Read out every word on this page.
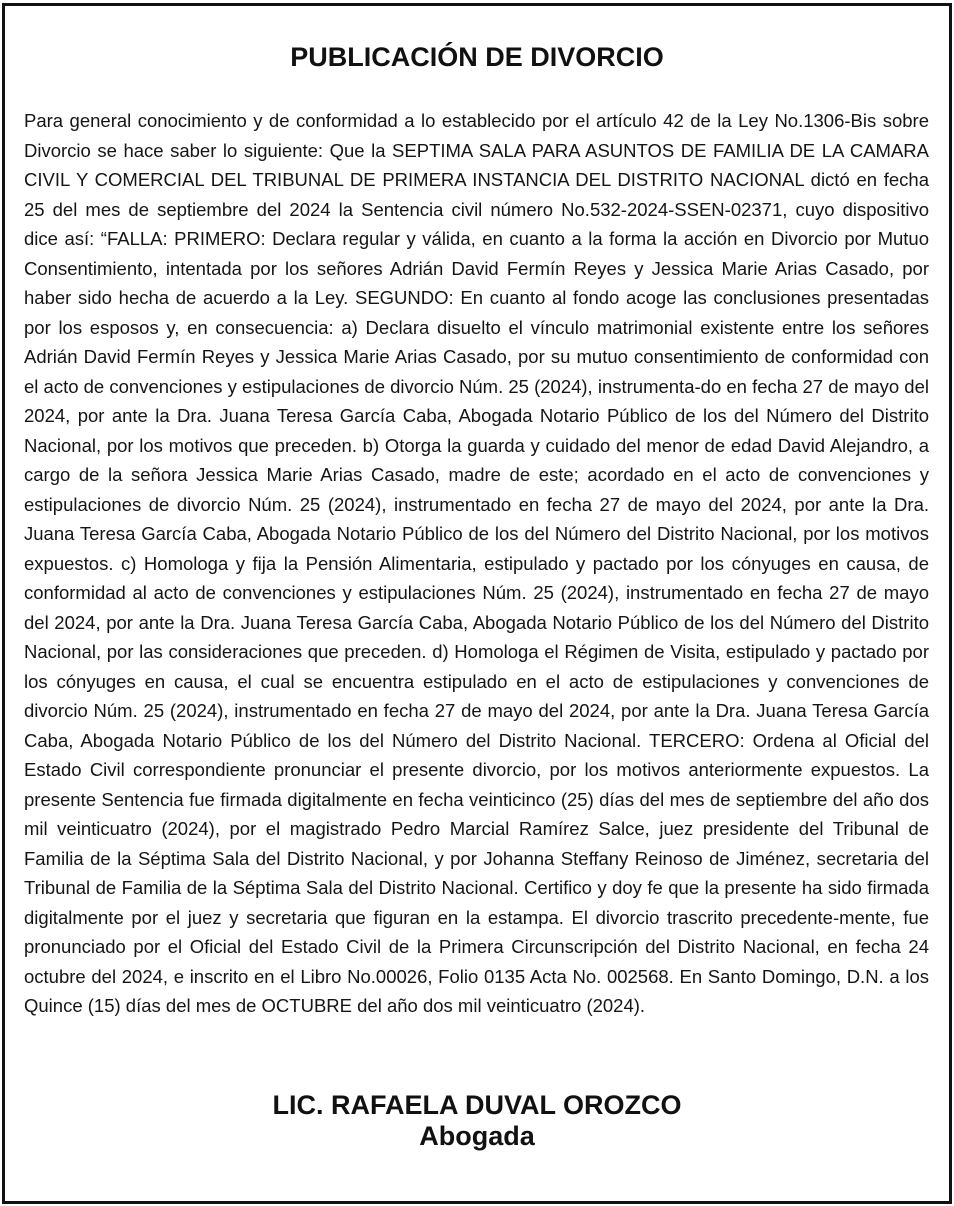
PUBLICACIÓN DE DIVORCIO
Para general conocimiento y de conformidad a lo establecido por el artículo 42 de la Ley No.1306-Bis sobre Divorcio se hace saber lo siguiente: Que la SEPTIMA SALA PARA ASUNTOS DE FAMILIA DE LA CAMARA CIVIL Y COMERCIAL DEL TRIBUNAL DE PRIMERA INSTANCIA DEL DISTRITO NACIONAL dictó en fecha 25 del mes de septiembre del 2024 la Sentencia civil número No.532-2024-SSEN-02371, cuyo dispositivo dice así: “FALLA: PRIMERO: Declara regular y válida, en cuanto a la forma la acción en Divorcio por Mutuo Consentimiento, intentada por los señores Adrián David Fermín Reyes y Jessica Marie Arias Casado, por haber sido hecha de acuerdo a la Ley. SEGUNDO: En cuanto al fondo acoge las conclusiones presentadas por los esposos y, en consecuencia: a) Declara disuelto el vínculo matrimonial existente entre los señores Adrián David Fermín Reyes y Jessica Marie Arias Casado, por su mutuo consentimiento de conformidad con el acto de convenciones y estipulaciones de divorcio Núm. 25 (2024), instrumenta-do en fecha 27 de mayo del 2024, por ante la Dra. Juana Teresa García Caba, Abogada Notario Público de los del Número del Distrito Nacional, por los motivos que preceden. b) Otorga la guarda y cuidado del menor de edad David Alejandro, a cargo de la señora Jessica Marie Arias Casado, madre de este; acordado en el acto de convenciones y estipulaciones de divorcio Núm. 25 (2024), instrumentado en fecha 27 de mayo del 2024, por ante la Dra. Juana Teresa García Caba, Abogada Notario Público de los del Número del Distrito Nacional, por los motivos expuestos. c) Homologa y fija la Pensión Alimentaria, estipulado y pactado por los cónyuges en causa, de conformidad al acto de convenciones y estipulaciones Núm. 25 (2024), instrumentado en fecha 27 de mayo del 2024, por ante la Dra. Juana Teresa García Caba, Abogada Notario Público de los del Número del Distrito Nacional, por las consideraciones que preceden. d) Homologa el Régimen de Visita, estipulado y pactado por los cónyuges en causa, el cual se encuentra estipulado en el acto de estipulaciones y convenciones de divorcio Núm. 25 (2024), instrumentado en fecha 27 de mayo del 2024, por ante la Dra. Juana Teresa García Caba, Abogada Notario Público de los del Número del Distrito Nacional. TERCERO: Ordena al Oficial del Estado Civil correspondiente pronunciar el presente divorcio, por los motivos anteriormente expuestos. La presente Sentencia fue firmada digitalmente en fecha veinticinco (25) días del mes de septiembre del año dos mil veinticuatro (2024), por el magistrado Pedro Marcial Ramírez Salce, juez presidente del Tribunal de Familia de la Séptima Sala del Distrito Nacional, y por Johanna Steffany Reinoso de Jiménez, secretaria del Tribunal de Familia de la Séptima Sala del Distrito Nacional. Certifico y doy fe que la presente ha sido firmada digitalmente por el juez y secretaria que figuran en la estampa. El divorcio trascrito precedente-mente, fue pronunciado por el Oficial del Estado Civil de la Primera Circunscripción del Distrito Nacional, en fecha 24 octubre del 2024, e inscrito en el Libro No.00026, Folio 0135 Acta No. 002568. En Santo Domingo, D.N. a los Quince (15) días del mes de OCTUBRE del año dos mil veinticuatro (2024).
LIC. RAFAELA DUVAL OROZCO
Abogada
